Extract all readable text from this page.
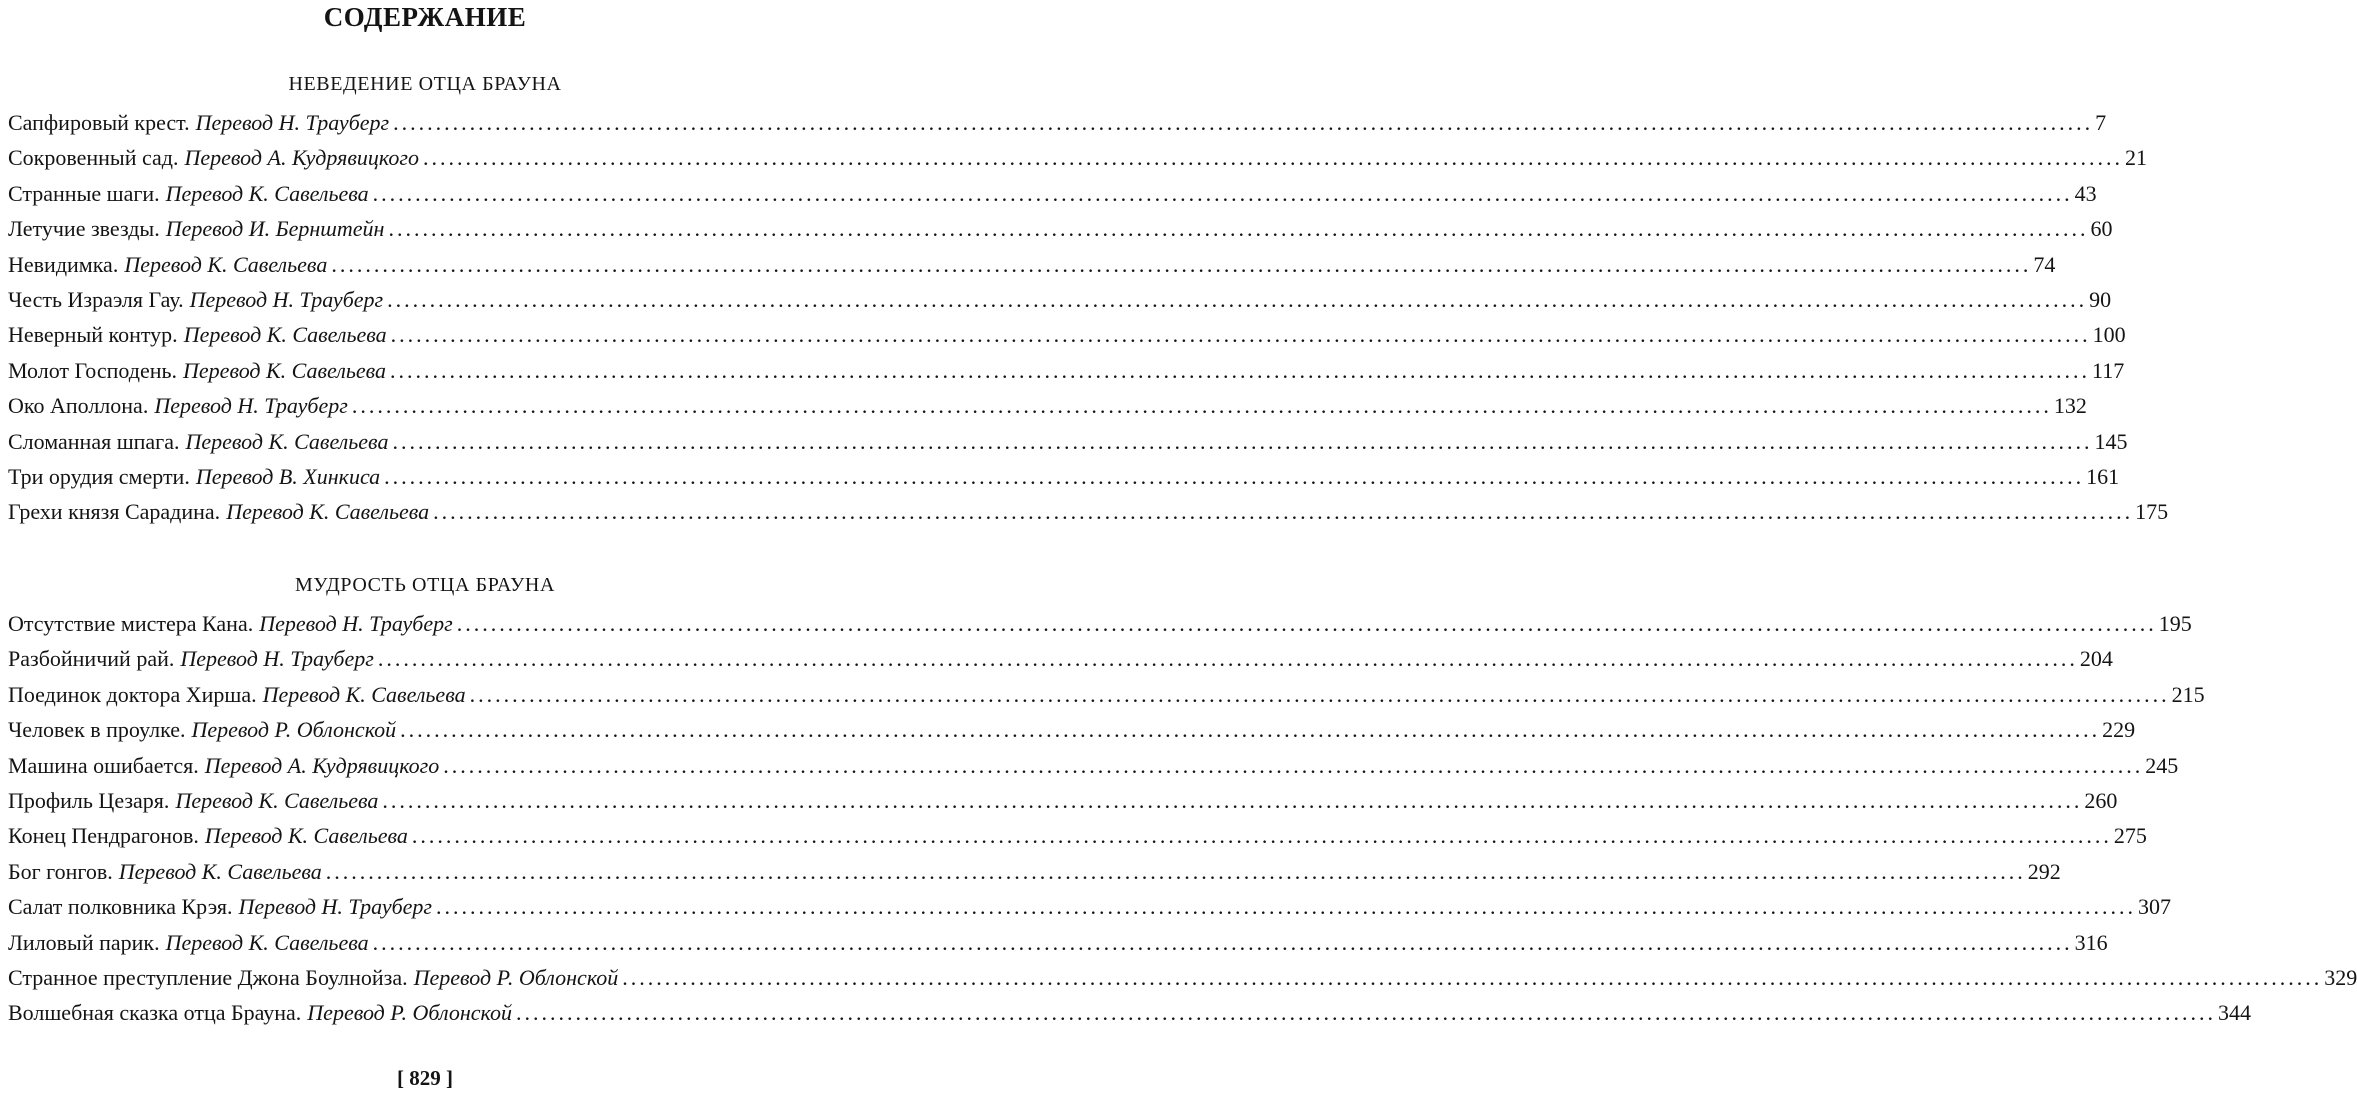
СОДЕРЖАНИЕ
НЕВЕДЕНИЕ ОТЦА БРАУНА
Сапфировый крест. Перевод Н. Трауберг ........................................................................................................................................................................................................ 7
Сокровенный сад. Перевод А. Кудрявицкого ........................................................................................................................................................................................................ 21
Странные шаги. Перевод К. Савельева ........................................................................................................................................................................................................ 43
Летучие звезды. Перевод И. Бернштейн ........................................................................................................................................................................................................ 60
Невидимка. Перевод К. Савельева ........................................................................................................................................................................................................ 74
Честь Израэля Гау. Перевод Н. Трауберг ........................................................................................................................................................................................................ 90
Неверный контур. Перевод К. Савельева ........................................................................................................................................................................................................ 100
Молот Господень. Перевод К. Савельева ........................................................................................................................................................................................................ 117
Око Аполлона. Перевод Н. Трауберг ........................................................................................................................................................................................................ 132
Сломанная шпага. Перевод К. Савельева ........................................................................................................................................................................................................ 145
Три орудия смерти. Перевод В. Хинкиса ........................................................................................................................................................................................................ 161
Грехи князя Сарадина. Перевод К. Савельева ........................................................................................................................................................................................................ 175
МУДРОСТЬ ОТЦА БРАУНА
Отсутствие мистера Кана. Перевод Н. Трауберг ........................................................................................................................................................................................................ 195
Разбойничий рай. Перевод Н. Трауберг ........................................................................................................................................................................................................ 204
Поединок доктора Хирша. Перевод К. Савельева ........................................................................................................................................................................................................ 215
Человек в проулке. Перевод Р. Облонской ........................................................................................................................................................................................................ 229
Машина ошибается. Перевод А. Кудрявицкого ........................................................................................................................................................................................................ 245
Профиль Цезаря. Перевод К. Савельева ........................................................................................................................................................................................................ 260
Конец Пендрагонов. Перевод К. Савельева ........................................................................................................................................................................................................ 275
Бог гонгов. Перевод К. Савельева ........................................................................................................................................................................................................ 292
Салат полковника Крэя. Перевод Н. Трауберг ........................................................................................................................................................................................................ 307
Лиловый парик. Перевод К. Савельева ........................................................................................................................................................................................................ 316
Странное преступление Джона Боулнойза. Перевод Р. Облонской ........................................................................................................................................................................................................ 329
Волшебная сказка отца Брауна. Перевод Р. Облонской ........................................................................................................................................................................................................ 344
[ 829 ]
